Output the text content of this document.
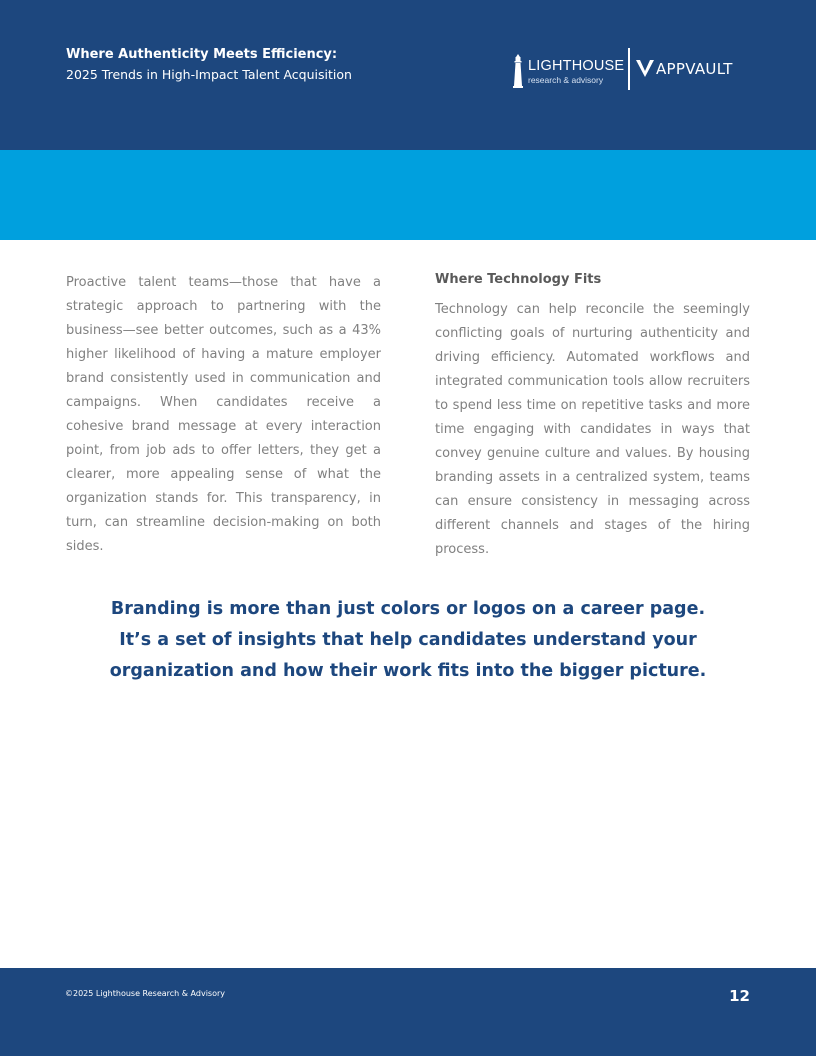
Where Authenticity Meets Efficiency:
2025 Trends in High-Impact Talent Acquisition
LIGHTHOUSE
research & advisory
APPVAULT
Proactive talent teams—those that have a strategic approach to partnering with the business—see better outcomes, such as a 43% higher likelihood of having a mature employer brand consistently used in communication and campaigns. When candidates receive a cohesive brand message at every interaction point, from job ads to offer letters, they get a clearer, more appealing sense of what the organization stands for. This transparency, in turn, can streamline decision-making on both sides.
Where Technology Fits
Technology can help reconcile the seemingly conflicting goals of nurturing authenticity and driving efficiency. Automated workflows and integrated communication tools allow recruiters to spend less time on repetitive tasks and more time engaging with candidates in ways that convey genuine culture and values. By housing branding assets in a centralized system, teams can ensure consistency in messaging across different channels and stages of the hiring process.
Branding is more than just colors or logos on a career page. It’s a set of insights that help candidates understand your organization and how their work fits into the bigger picture.
©2025 Lighthouse Research & Advisory	12
